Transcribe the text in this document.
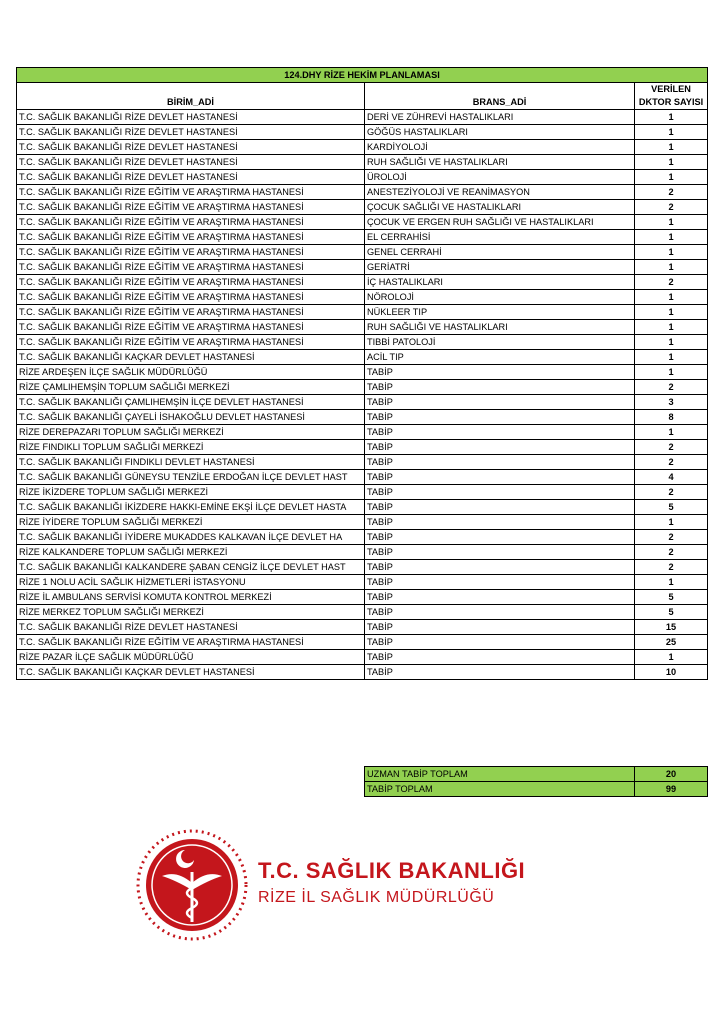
124.DHY RİZE HEKİM PLANLAMASI		
BİRİM_ADİ	BRANS_ADİ	VERİLEN DKTOR SAYISI
T.C. SAĞLIK BAKANLIĞI RİZE DEVLET HASTANESİ	DERİ VE ZÜHREVİ HASTALIKLARI	1
T.C. SAĞLIK BAKANLIĞI RİZE DEVLET HASTANESİ	GÖĞÜS HASTALIKLARI	1
T.C. SAĞLIK BAKANLIĞI RİZE DEVLET HASTANESİ	KARDİYOLOJİ	1
T.C. SAĞLIK BAKANLIĞI RİZE DEVLET HASTANESİ	RUH SAĞLIĞI VE HASTALIKLARI	1
T.C. SAĞLIK BAKANLIĞI RİZE DEVLET HASTANESİ	ÜROLOJİ	1
T.C. SAĞLIK BAKANLIĞI RİZE EĞİTİM VE ARAŞTIRMA HASTANESİ	ANESTEZİYOLOJİ VE REANİMASYON	2
T.C. SAĞLIK BAKANLIĞI RİZE EĞİTİM VE ARAŞTIRMA HASTANESİ	ÇOCUK SAĞLIĞI VE HASTALIKLARI	2
T.C. SAĞLIK BAKANLIĞI RİZE EĞİTİM VE ARAŞTIRMA HASTANESİ	ÇOCUK VE ERGEN RUH SAĞLIĞI VE HASTALIKLARI	1
T.C. SAĞLIK BAKANLIĞI RİZE EĞİTİM VE ARAŞTIRMA HASTANESİ	EL CERRAHİSİ	1
T.C. SAĞLIK BAKANLIĞI RİZE EĞİTİM VE ARAŞTIRMA HASTANESİ	GENEL CERRAHİ	1
T.C. SAĞLIK BAKANLIĞI RİZE EĞİTİM VE ARAŞTIRMA HASTANESİ	GERİATRİ	1
T.C. SAĞLIK BAKANLIĞI RİZE EĞİTİM VE ARAŞTIRMA HASTANESİ	İÇ HASTALIKLARI	2
T.C. SAĞLIK BAKANLIĞI RİZE EĞİTİM VE ARAŞTIRMA HASTANESİ	NÖROLOJİ	1
T.C. SAĞLIK BAKANLIĞI RİZE EĞİTİM VE ARAŞTIRMA HASTANESİ	NÜKLEER TIP	1
T.C. SAĞLIK BAKANLIĞI RİZE EĞİTİM VE ARAŞTIRMA HASTANESİ	RUH SAĞLIĞI VE HASTALIKLARI	1
T.C. SAĞLIK BAKANLIĞI RİZE EĞİTİM VE ARAŞTIRMA HASTANESİ	TIBBİ PATOLOJİ	1
T.C. SAĞLIK BAKANLIĞI KAÇKAR DEVLET HASTANESİ	ACİL TIP	1
RİZE ARDEŞEN İLÇE SAĞLIK MÜDÜRLÜĞÜ	TABİP	1
RİZE ÇAMLIHEMŞİN TOPLUM SAĞLIĞI MERKEZİ	TABİP	2
T.C. SAĞLIK BAKANLIĞI ÇAMLIHEMŞİN İLÇE DEVLET HASTANESİ	TABİP	3
T.C. SAĞLIK BAKANLIĞI ÇAYELİ İSHAKOĞLU DEVLET HASTANESİ	TABİP	8
RİZE DEREPAZARI TOPLUM SAĞLIĞI MERKEZİ	TABİP	1
RİZE FINDIKLI TOPLUM SAĞLIĞI MERKEZİ	TABİP	2
T.C. SAĞLIK BAKANLIĞI FINDIKLI DEVLET HASTANESİ	TABİP	2
T.C. SAĞLIK BAKANLIĞI GÜNEYSU TENZİLE ERDOĞAN İLÇE DEVLET HAST	TABİP	4
RİZE İKİZDERE TOPLUM SAĞLIĞI MERKEZİ	TABİP	2
T.C. SAĞLIK BAKANLIĞI İKİZDERE HAKKI-EMİNE EKŞİ İLÇE DEVLET HASTA	TABİP	5
RİZE İYİDERE TOPLUM SAĞLIĞI MERKEZİ	TABİP	1
T.C. SAĞLIK BAKANLIĞI İYİDERE MUKADDES KALKAVAN İLÇE DEVLET HA	TABİP	2
RİZE KALKANDERE TOPLUM SAĞLIĞI MERKEZİ	TABİP	2
T.C. SAĞLIK BAKANLIĞI KALKANDERE ŞABAN CENGİZ İLÇE DEVLET HAST	TABİP	2
RİZE 1 NOLU ACİL SAĞLIK HİZMETLERİ İSTASYONU	TABİP	1
RİZE İL AMBULANS SERVİSİ KOMUTA KONTROL MERKEZİ	TABİP	5
RİZE MERKEZ TOPLUM SAĞLIĞI MERKEZİ	TABİP	5
T.C. SAĞLIK BAKANLIĞI RİZE DEVLET HASTANESİ	TABİP	15
T.C. SAĞLIK BAKANLIĞI RİZE EĞİTİM VE ARAŞTIRMA HASTANESİ	TABİP	25
RİZE PAZAR İLÇE SAĞLIK MÜDÜRLÜĞÜ	TABİP	1
T.C. SAĞLIK BAKANLIĞI KAÇKAR DEVLET HASTANESİ	TABİP	10
UZMAN TABİP TOPLAM	20
TABİP TOPLAM	99
T.C. SAĞLIK BAKANLIĞI
RİZE İL SAĞLIK MÜDÜRLÜĞÜ
